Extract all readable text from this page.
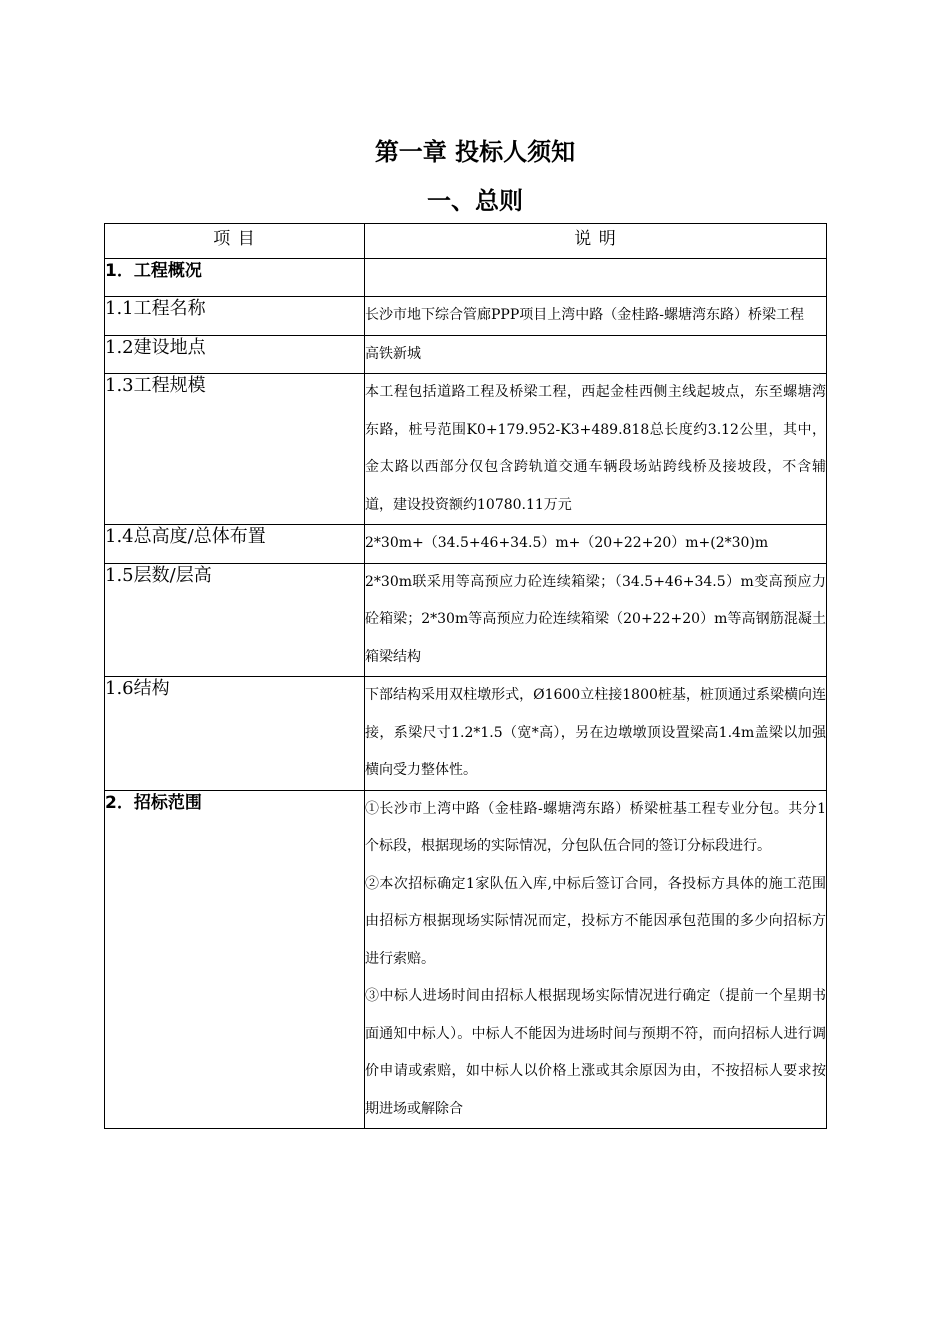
第一章 投标人须知
一、总则
项 目	说 明
1．工程概况	

1.1工程名称	长沙市地下综合管廊PPP项目上湾中路（金桂路-螺塘湾东路）桥梁工程

1.2建设地点	高铁新城

1.3工程规模	本工程包括道路工程及桥梁工程，西起金桂西侧主线起坡点，东至螺塘湾东路，桩号范围K0+179.952-K3+489.818总长度约3.12公里，其中，金太路以西部分仅包含跨轨道交通车辆段场站跨线桥及接坡段，不含辅道，建设投资额约10780.11万元

1.4总高度/总体布置	2*30m+（34.5+46+34.5）m+（20+22+20）m+(2*30)m

1.5层数/层高	2*30m联采用等高预应力砼连续箱梁；（34.5+46+34.5）m变高预应力砼箱梁；2*30m等高预应力砼连续箱梁（20+22+20）m等高钢筋混凝土箱梁结构

1.6结构	下部结构采用双柱墩形式，Ø1600立柱接1800桩基，桩顶通过系梁横向连接，系梁尺寸1.2*1.5（宽*高），另在边墩墩顶设置梁高1.4m盖梁以加强横向受力整体性。

2．招标范围	①长沙市上湾中路（金桂路-螺塘湾东路）桥梁桩基工程专业分包。共分1个标段，根据现场的实际情况，分包队伍合同的签订分标段进行。

②本次招标确定1家队伍入库,中标后签订合同，各投标方具体的施工范围由招标方根据现场实际情况而定，投标方不能因承包范围的多少向招标方进行索赔。

③中标人进场时间由招标人根据现场实际情况进行确定（提前一个星期书面通知中标人）。中标人不能因为进场时间与预期不符，而向招标人进行调价申请或索赔，如中标人以价格上涨或其余原因为由，不按招标人要求按期进场或解除合
